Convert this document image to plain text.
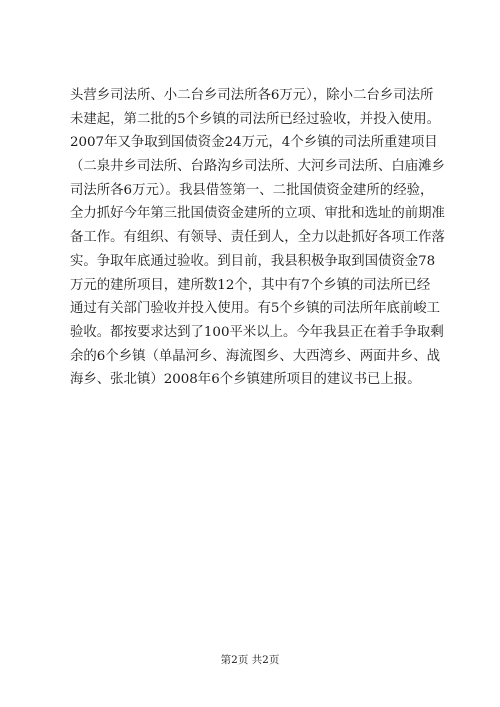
头营乡司法所、小二台乡司法所各6万元），除小二台乡司法所
未建起，第二批的5个乡镇的司法所已经过验收，并投入使用。
2007年又争取到国债资金24万元，4个乡镇的司法所重建项目
（二泉井乡司法所、台路沟乡司法所、大河乡司法所、白庙滩乡
司法所各6万元）。我县借签第一、二批国债资金建所的经验，
全力抓好今年第三批国债资金建所的立项、审批和选址的前期准
备工作。有组织、有领导、责任到人，全力以赴抓好各项工作落
实。争取年底通过验收。到目前，我县积极争取到国债资金78
万元的建所项目，建所数12个，其中有7个乡镇的司法所已经
通过有关部门验收并投入使用。有5个乡镇的司法所年底前峻工
验收。都按要求达到了100平米以上。今年我县正在着手争取剩
余的6个乡镇（单晶河乡、海流图乡、大西湾乡、两面井乡、战
海乡、张北镇）2008年6个乡镇建所项目的建议书已上报。
第2页 共2页
